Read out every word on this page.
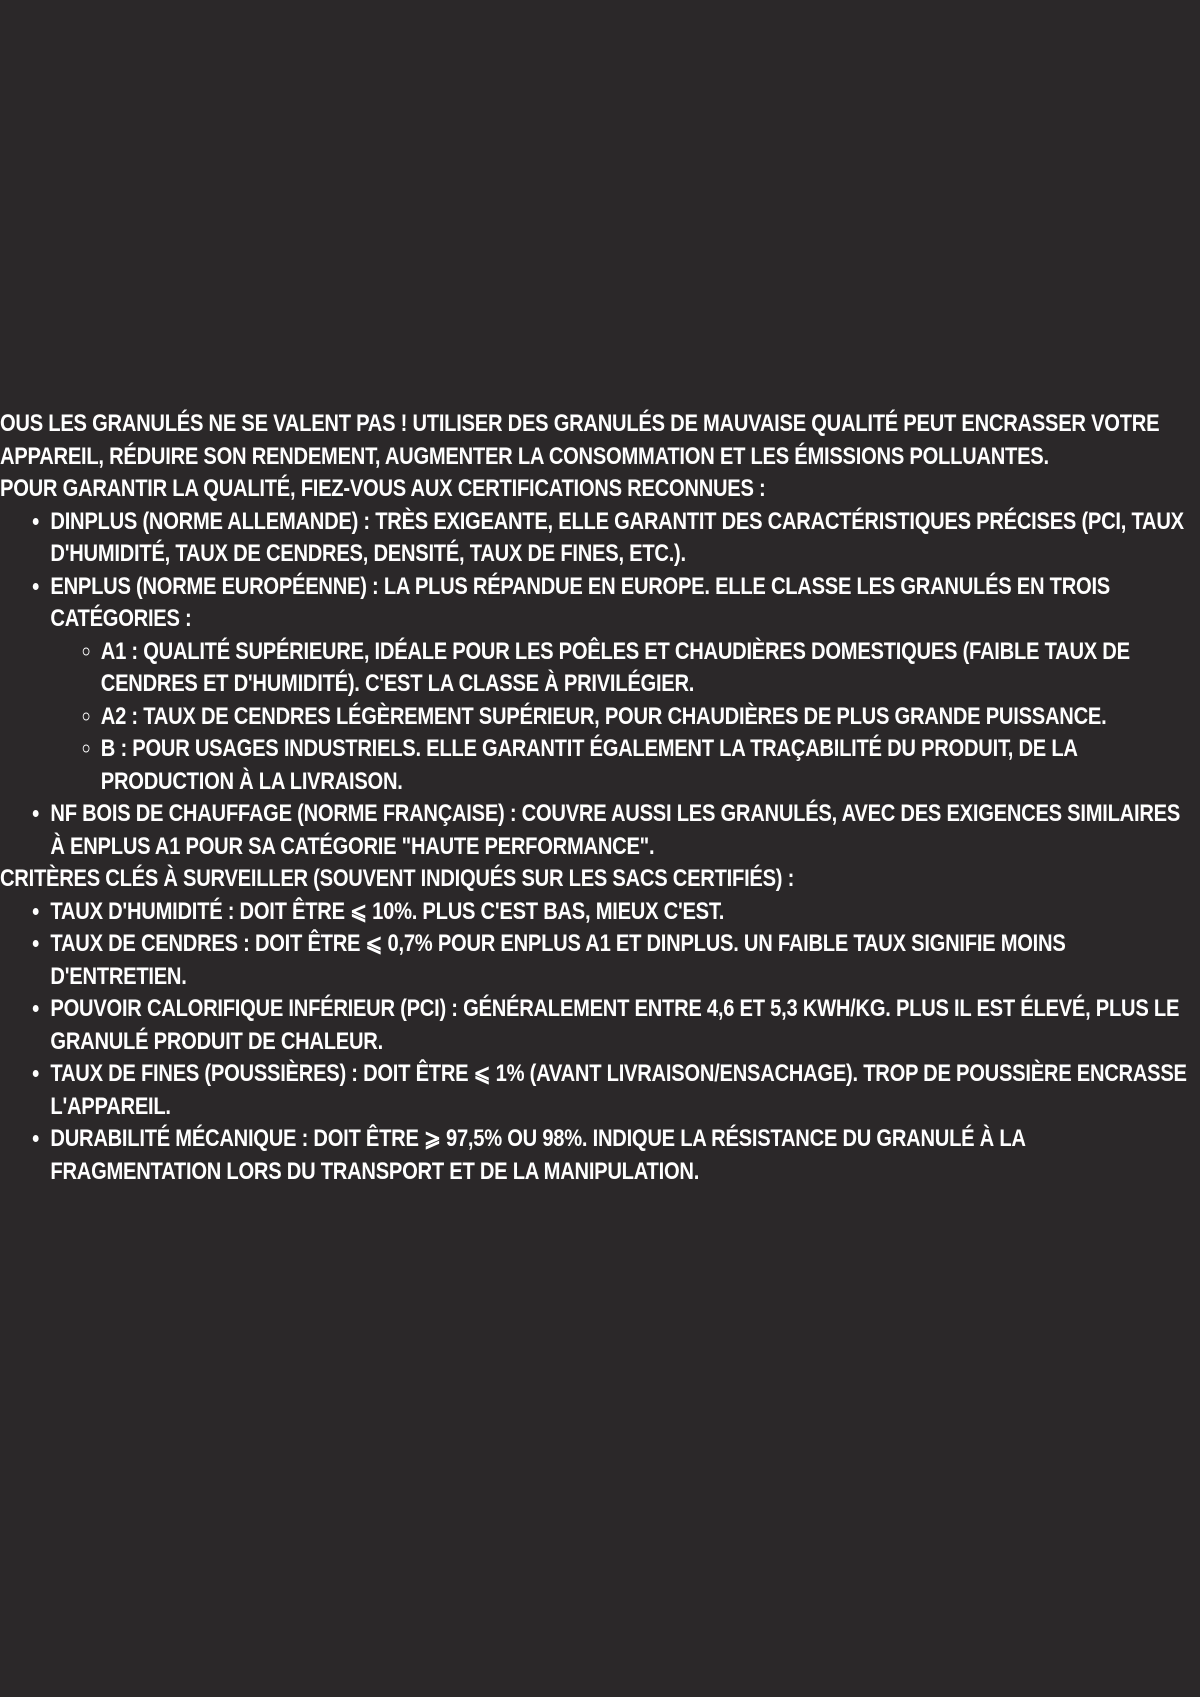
OUS LES GRANULÉS NE SE VALENT PAS ! UTILISER DES GRANULÉS DE MAUVAISE QUALITÉ PEUT ENCRASSER VOTRE APPAREIL, RÉDUIRE SON RENDEMENT, AUGMENTER LA CONSOMMATION ET LES ÉMISSIONS POLLUANTES.

POUR GARANTIR LA QUALITÉ, FIEZ-VOUS AUX CERTIFICATIONS RECONNUES :

• DINPLUS (NORME ALLEMANDE) : TRÈS EXIGEANTE, ELLE GARANTIT DES CARACTÉRISTIQUES PRÉCISES (PCI, TAUX D'HUMIDITÉ, TAUX DE CENDRES, DENSITÉ, TAUX DE FINES, ETC.).
• ENPLUS (NORME EUROPÉENNE) : LA PLUS RÉPANDUE EN EUROPE. ELLE CLASSE LES GRANULÉS EN TROIS CATÉGORIES :
◦ A1 : QUALITÉ SUPÉRIEURE, IDÉALE POUR LES POÊLES ET CHAUDIÈRES DOMESTIQUES (FAIBLE TAUX DE CENDRES ET D'HUMIDITÉ). C'EST LA CLASSE À PRIVILÉGIER.
◦ A2 : TAUX DE CENDRES LÉGÈREMENT SUPÉRIEUR, POUR CHAUDIÈRES DE PLUS GRANDE PUISSANCE.
◦ B : POUR USAGES INDUSTRIELS. ELLE GARANTIT ÉGALEMENT LA TRAÇABILITÉ DU PRODUIT, DE LA PRODUCTION À LA LIVRAISON.
• NF BOIS DE CHAUFFAGE (NORME FRANÇAISE) : COUVRE AUSSI LES GRANULÉS, AVEC DES EXIGENCES SIMILAIRES À ENPLUS A1 POUR SA CATÉGORIE "HAUTE PERFORMANCE".

CRITÈRES CLÉS À SURVEILLER (SOUVENT INDIQUÉS SUR LES SACS CERTIFIÉS) :

• TAUX D'HUMIDITÉ : DOIT ÊTRE ⩽ 10%. PLUS C'EST BAS, MIEUX C'EST.
• TAUX DE CENDRES : DOIT ÊTRE ⩽ 0,7% POUR ENPLUS A1 ET DINPLUS. UN FAIBLE TAUX SIGNIFIE MOINS D'ENTRETIEN.
• POUVOIR CALORIFIQUE INFÉRIEUR (PCI) : GÉNÉRALEMENT ENTRE 4,6 ET 5,3 KWH/KG. PLUS IL EST ÉLEVÉ, PLUS LE GRANULÉ PRODUIT DE CHALEUR.
• TAUX DE FINES (POUSSIÈRES) : DOIT ÊTRE ⩽ 1% (AVANT LIVRAISON/ENSACHAGE). TROP DE POUSSIÈRE ENCRASSE L'APPAREIL.
• DURABILITÉ MÉCANIQUE : DOIT ÊTRE ⩾ 97,5% OU 98%. INDIQUE LA RÉSISTANCE DU GRANULÉ À LA FRAGMENTATION LORS DU TRANSPORT ET DE LA MANIPULATION.
